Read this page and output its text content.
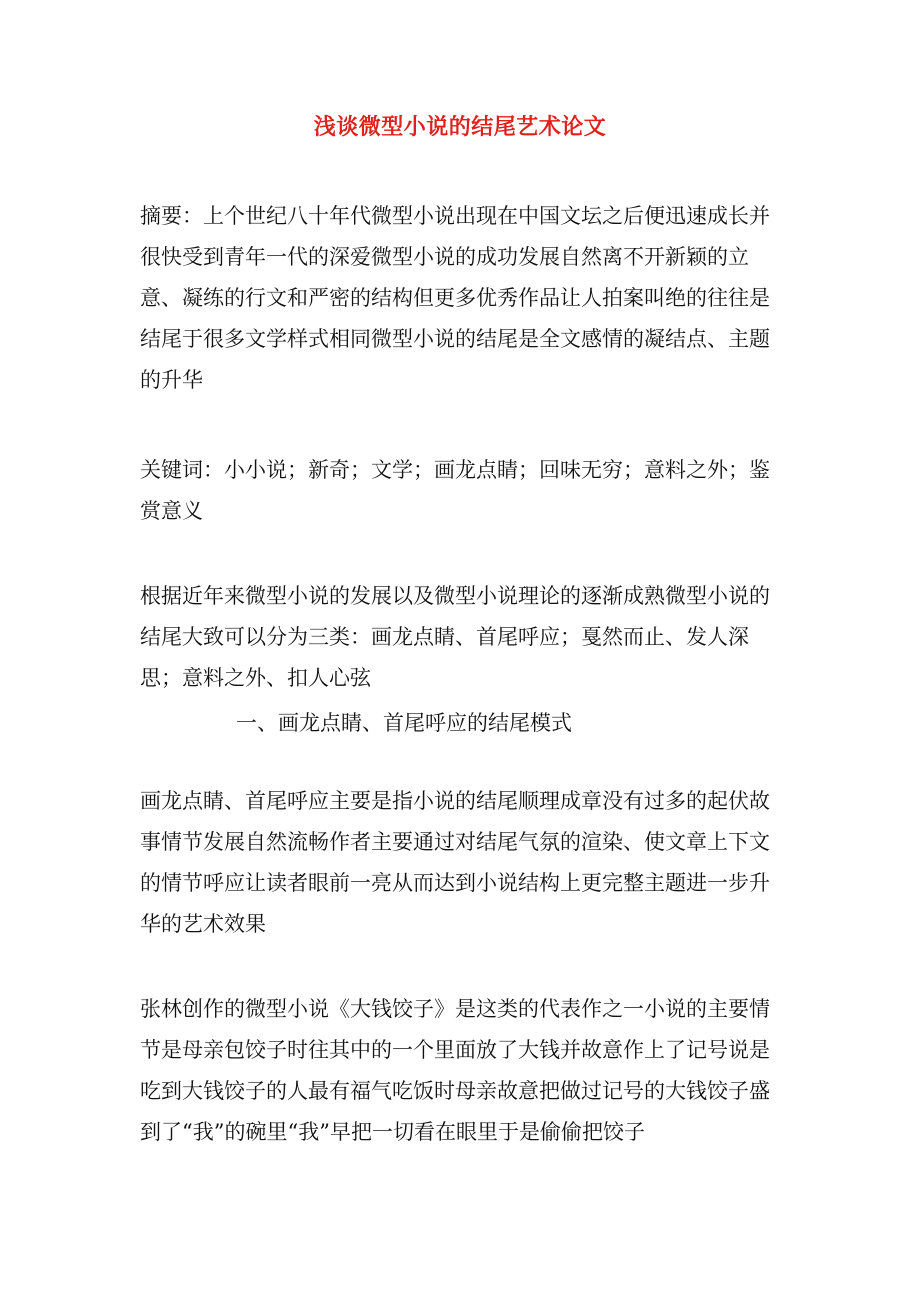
浅谈微型小说的结尾艺术论文

摘要：上个世纪八十年代微型小说出现在中国文坛之后便迅速成长并很快受到青年一代的深爱微型小说的成功发展自然离不开新颖的立意、凝练的行文和严密的结构但更多优秀作品让人拍案叫绝的往往是结尾于很多文学样式相同微型小说的结尾是全文感情的凝结点、主题的升华

关键词：小小说；新奇；文学；画龙点睛；回味无穷；意料之外；鉴赏意义

根据近年来微型小说的发展以及微型小说理论的逐渐成熟微型小说的结尾大致可以分为三类：画龙点睛、首尾呼应；戛然而止、发人深思；意料之外、扣人心弦

一、画龙点睛、首尾呼应的结尾模式

画龙点睛、首尾呼应主要是指小说的结尾顺理成章没有过多的起伏故事情节发展自然流畅作者主要通过对结尾气氛的渲染、使文章上下文的情节呼应让读者眼前一亮从而达到小说结构上更完整主题进一步升华的艺术效果

张林创作的微型小说《大钱饺子》是这类的代表作之一小说的主要情节是母亲包饺子时往其中的一个里面放了大钱并故意作上了记号说是吃到大钱饺子的人最有福气吃饭时母亲故意把做过记号的大钱饺子盛到了“我”的碗里“我”早把一切看在眼里于是偷偷把饺子
